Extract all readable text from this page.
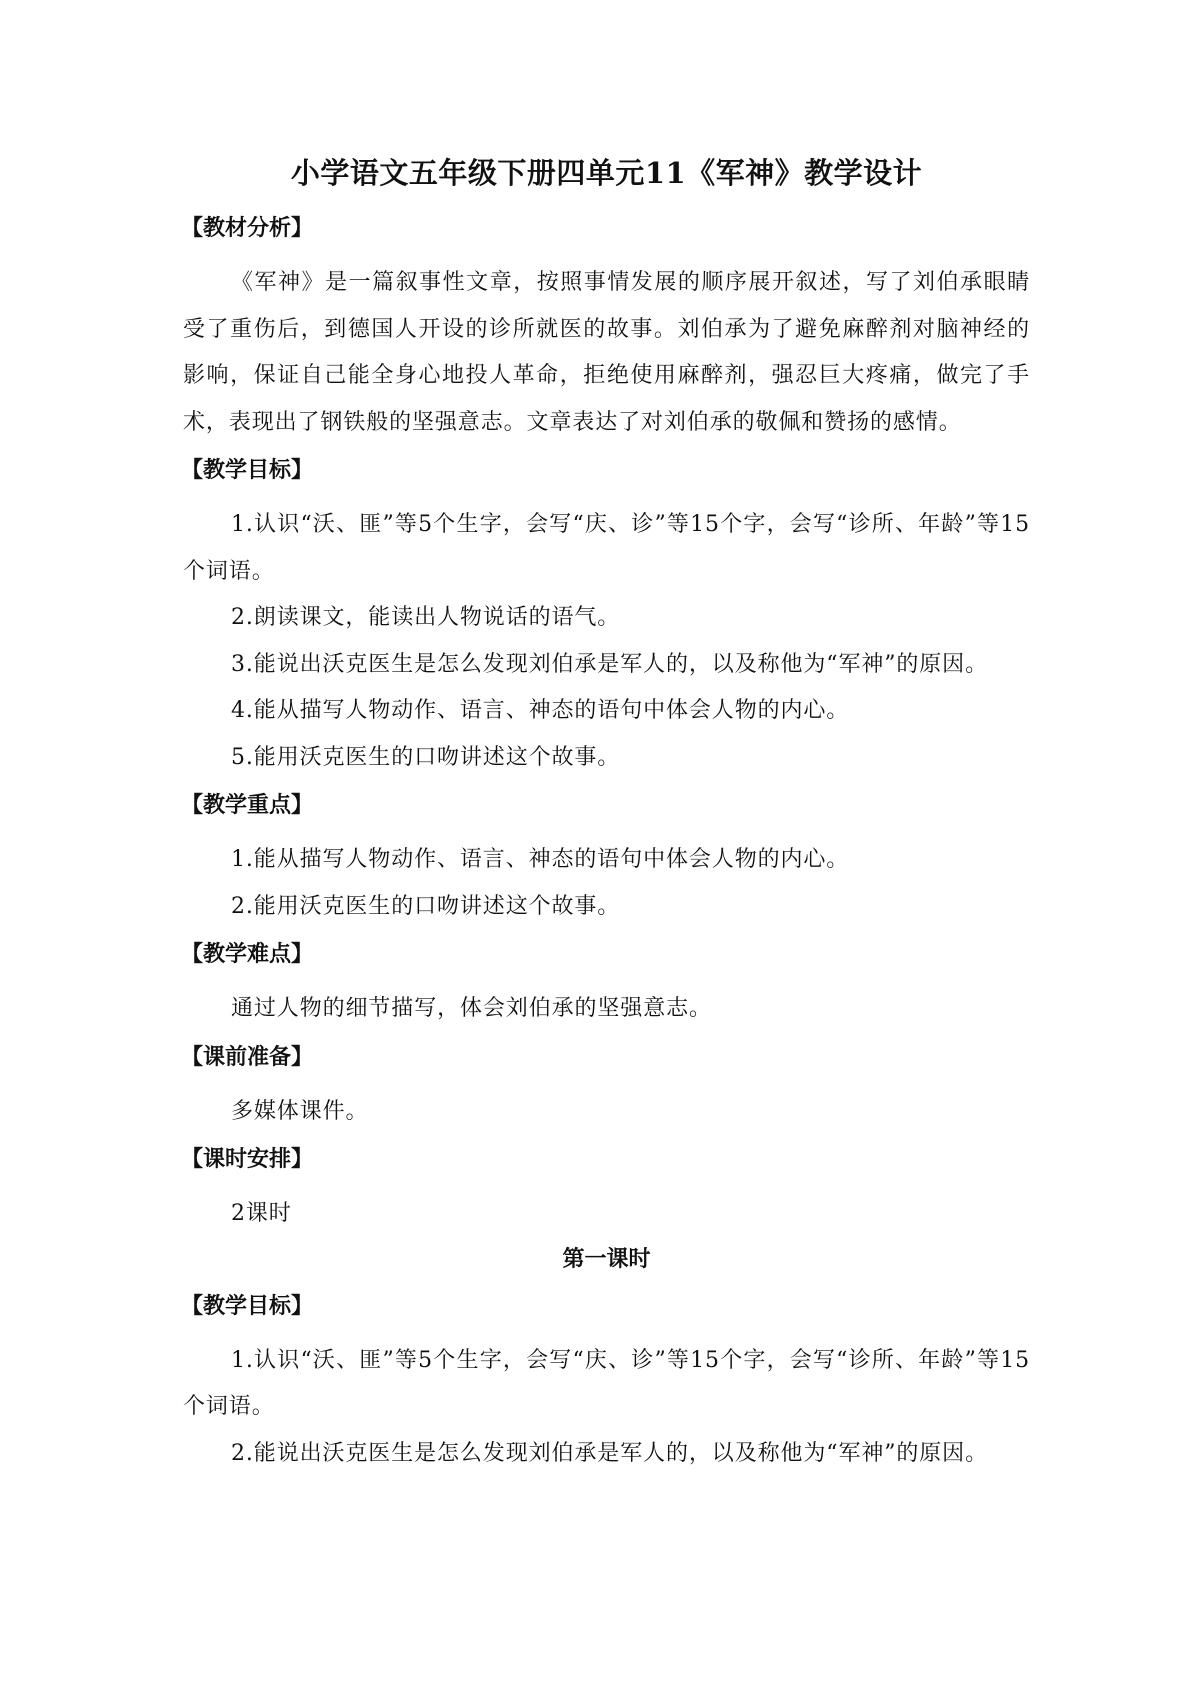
小学语文五年级下册四单元11《军神》教学设计
【教材分析】

《军神》是一篇叙事性文章，按照事情发展的顺序展开叙述，写了刘伯承眼睛受了重伤后，到德国人开设的诊所就医的故事。刘伯承为了避免麻醉剂对脑神经的影响，保证自己能全身心地投人革命，拒绝使用麻醉剂，强忍巨大疼痛，做完了手术，表现出了钢铁般的坚强意志。文章表达了对刘伯承的敬佩和赞扬的感情。

【教学目标】

1.认识“沃、匪”等5个生字，会写“庆、诊”等15个字，会写“诊所、年龄”等15个词语。

2.朗读课文，能读出人物说话的语气。

3.能说出沃克医生是怎么发现刘伯承是军人的，以及称他为“军神”的原因。

4.能从描写人物动作、语言、神态的语句中体会人物的内心。

5.能用沃克医生的口吻讲述这个故事。

【教学重点】

1.能从描写人物动作、语言、神态的语句中体会人物的内心。

2.能用沃克医生的口吻讲述这个故事。

【教学难点】

通过人物的细节描写，体会刘伯承的坚强意志。

【课前准备】

多媒体课件。

【课时安排】

2课时

第一课时
【教学目标】

1.认识“沃、匪”等5个生字，会写“庆、诊”等15个字，会写“诊所、年龄”等15个词语。

2.能说出沃克医生是怎么发现刘伯承是军人的，以及称他为“军神”的原因。
